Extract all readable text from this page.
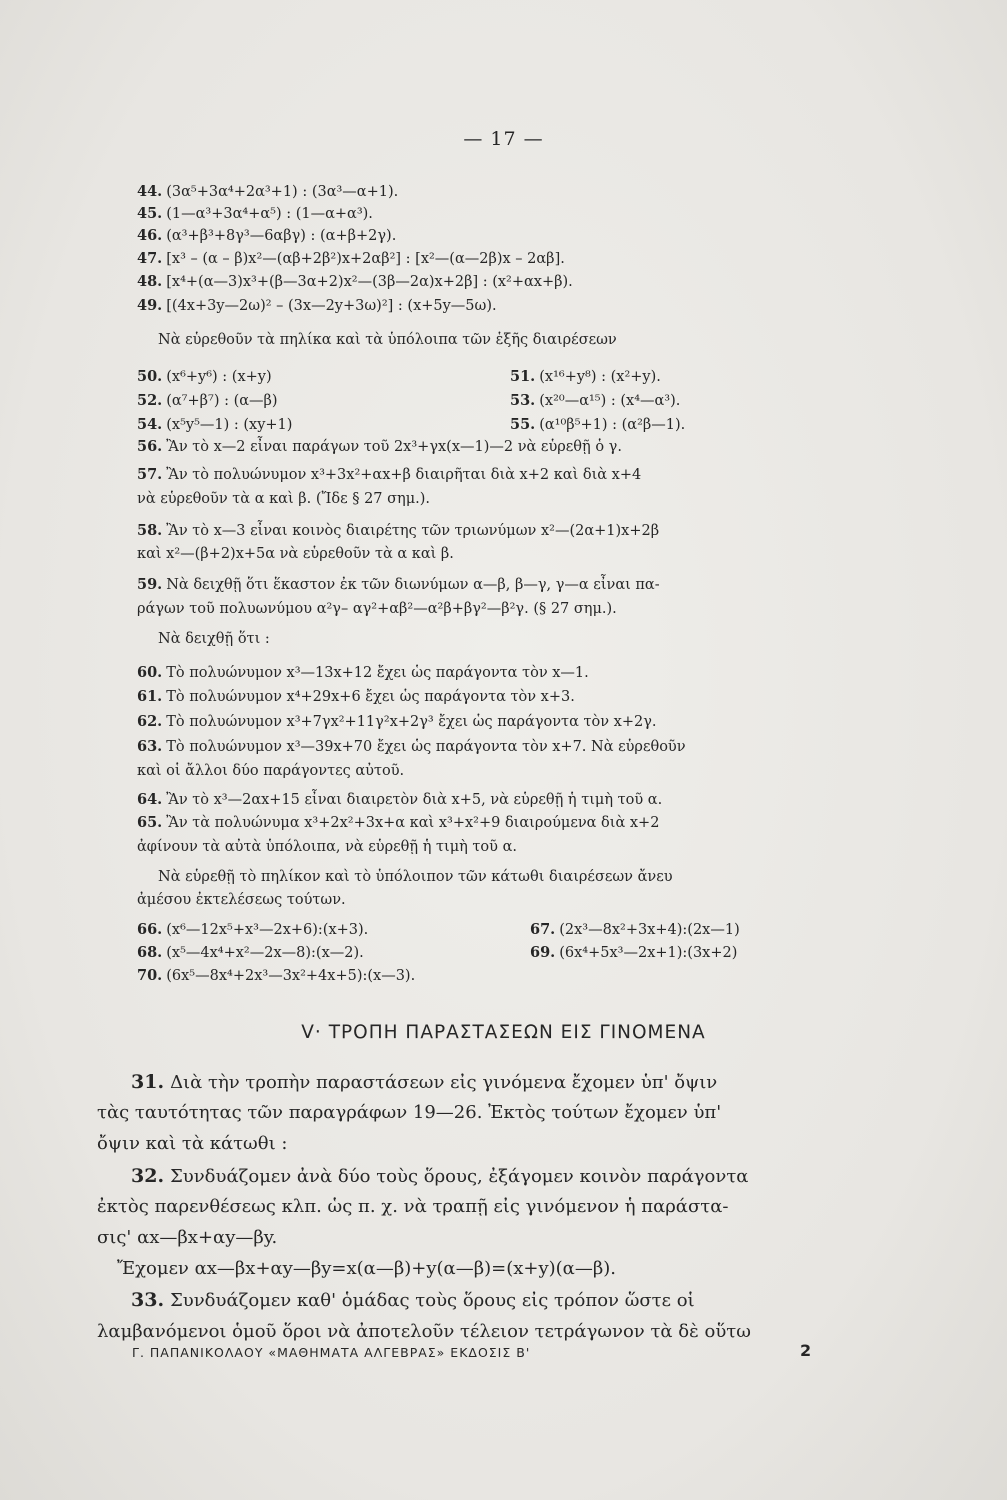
— 17 —
44. (3α⁵+3α⁴+2α³+1) : (3α³—α+1).
45. (1—α³+3α⁴+α⁵) : (1—α+α³).
46. (α³+β³+8γ³—6αβγ) : (α+β+2γ).
47. [x³ – (α – β)x²—(αβ+2β²)x+2αβ²] : [x²—(α—2β)x – 2αβ].
48. [x⁴+(α—3)x³+(β—3α+2)x²—(3β—2α)x+2β] : (x²+αx+β).
49. [(4x+3y—2ω)² – (3x—2y+3ω)²] : (x+5y—5ω).
Νὰ εὑρεθοῦν τὰ πηλίκα καὶ τὰ ὑπόλοιπα τῶν ἑξῆς διαιρέσεων
50. (x⁶+y⁶) : (x+y)	51. (x¹⁶+y⁸) : (x²+y).
52. (α⁷+β⁷) : (α—β)	53. (x²⁰—α¹⁵) : (x⁴—α³).
54. (x⁵y⁵—1) : (xy+1)	55. (α¹⁰β⁵+1) : (α²β—1).
56. Ἂν τὸ x—2 εἶναι παράγων τοῦ 2x³+γx(x—1)—2 νὰ εὑρεθῇ ὁ γ.
57. Ἂν τὸ πολυώνυμον x³+3x²+αx+β διαιρῆται διὰ x+2 καὶ διὰ x+4
νὰ εὑρεθοῦν τὰ α καὶ β. (Ἴδε § 27 σημ.).
58. Ἂν τὸ x—3 εἶναι κοινὸς διαιρέτης τῶν τριωνύμων x²—(2α+1)x+2β
καὶ x²—(β+2)x+5α νὰ εὑρεθοῦν τὰ α καὶ β.
59. Νὰ δειχθῇ ὅτι ἕκαστον ἐκ τῶν διωνύμων α—β, β—γ, γ—α εἶναι πα-
ράγων τοῦ πολυωνύμου α²γ– αγ²+αβ²—α²β+βγ²—β²γ. (§ 27 σημ.).
Νὰ δειχθῇ ὅτι :
60. Τὸ πολυώνυμον x³—13x+12 ἔχει ὡς παράγοντα τὸν x—1.
61. Τὸ πολυώνυμον x⁴+29x+6 ἔχει ὡς παράγοντα τὸν x+3.
62. Τὸ πολυώνυμον x³+7γx²+11γ²x+2γ³ ἔχει ὡς παράγοντα τὸν x+2γ.
63. Τὸ πολυώνυμον x³—39x+70 ἔχει ὡς παράγοντα τὸν x+7. Νὰ εὑρεθοῦν
καὶ οἱ ἄλλοι δύο παράγοντες αὐτοῦ.
64. Ἂν τὸ x³—2αx+15 εἶναι διαιρετὸν διὰ x+5, νὰ εὑρεθῇ ἡ τιμὴ τοῦ α.
65. Ἂν τὰ πολυώνυμα x³+2x²+3x+α καὶ x³+x²+9 διαιρούμενα διὰ x+2
ἀφίνουν τὰ αὐτὰ ὑπόλοιπα, νὰ εὑρεθῇ ἡ τιμὴ τοῦ α.
Νὰ εὑρεθῇ τὸ πηλίκον καὶ τὸ ὑπόλοιπον τῶν κάτωθι διαιρέσεων ἄνευ
ἀμέσου ἐκτελέσεως τούτων.
66. (x⁶—12x⁵+x³—2x+6):(x+3).	67. (2x³—8x²+3x+4):(2x—1)
68. (x⁵—4x⁴+x²—2x—8):(x—2).	69. (6x⁴+5x³—2x+1):(3x+2)
70. (6x⁵—8x⁴+2x³—3x²+4x+5):(x—3).
V· ΤΡΟΠΗ ΠΑΡΑΣΤΑΣΕΩΝ ΕΙΣ ΓΙΝΟΜΕΝΑ
31. Διὰ τὴν τροπὴν παραστάσεων εἰς γινόμενα ἔχομεν ὑπ' ὄψιν
τὰς ταυτότητας τῶν παραγράφων 19—26. Ἐκτὸς τούτων ἔχομεν ὑπ'
ὄψιν καὶ τὰ κάτωθι :
32. Συνδυάζομεν ἀνὰ δύο τοὺς ὅρους, ἐξάγομεν κοινὸν παράγοντα
ἐκτὸς παρενθέσεως κλπ. ὡς π. χ. νὰ τραπῇ εἰς γινόμενον ἡ παράστα-
σις' αx—βx+αy—βy.
Ἔχομεν αx—βx+αy—βy=x(α—β)+y(α—β)=(x+y)(α—β).
33. Συνδυάζομεν καθ' ὁμάδας τοὺς ὅρους εἰς τρόπον ὥστε οἱ
λαμβανόμενοι ὁμοῦ ὅροι νὰ ἀποτελοῦν τέλειον τετράγωνον τὰ δὲ οὕτω
Γ. ΠΑΠΑΝΙΚΟΛΑΟΥ «ΜΑΘΗΜΑΤΑ ΑΛΓΕΒΡΑΣ» ΕΚΔΟΣΙΣ Β'	2
